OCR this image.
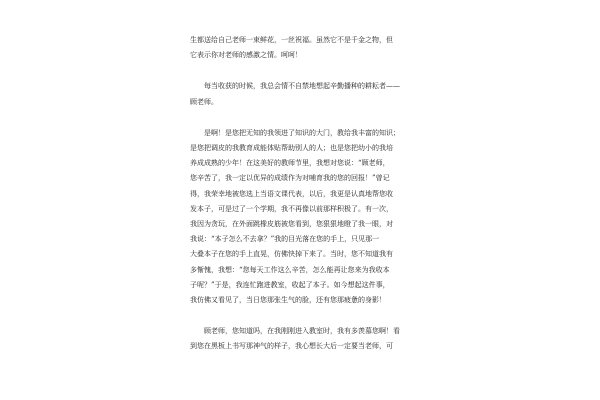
生都送给自己老师一束鲜花，一丝祝福。虽然它不是千金之物，但
它表示你对老师的感激之情。呵呵！
每当收获的时候，我总会情不自禁地想起辛勤播种的耕耘者——
顾老师。
是啊！是您把无知的我领进了知识的大门，教给我丰富的知识；
是您把调皮的我教育成能体贴帮助别人的人；也是您把幼小的我培
养成成熟的少年！在这美好的教师节里，我想对您说：“顾老师，
您辛苦了，我一定以优异的成绩作为对哺育我的您的回报！”曾记
得，我荣幸地被您选上当语文课代表，以后，我更是认真地帮您收
发本子，可是过了一个学期，我不再像以前那样积极了。有一次，
我因为贪玩，在外面跳橡皮筋被您看到，您狠狠地瞪了我一眼，对
我说：“本子怎么不去拿？”我的目光落在您的手上，只见那一
大叠本子在您的手上直晃，仿佛快掉下来了。当时，您不知道我有
多惭愧，我想：“您每天工作这么辛苦，怎么能再让您来为我收本
子呢？”于是，我连忙跑进教室，收起了本子。如今想起这件事，
我仿佛又看见了，当日您那张生气的脸，还有您那疲惫的身影！
顾老师，您知道吗，在我刚刚进入教室时，我有多羡慕您啊！看
到您在黑板上书写那神气的样子，我心想长大后一定要当老师，可
